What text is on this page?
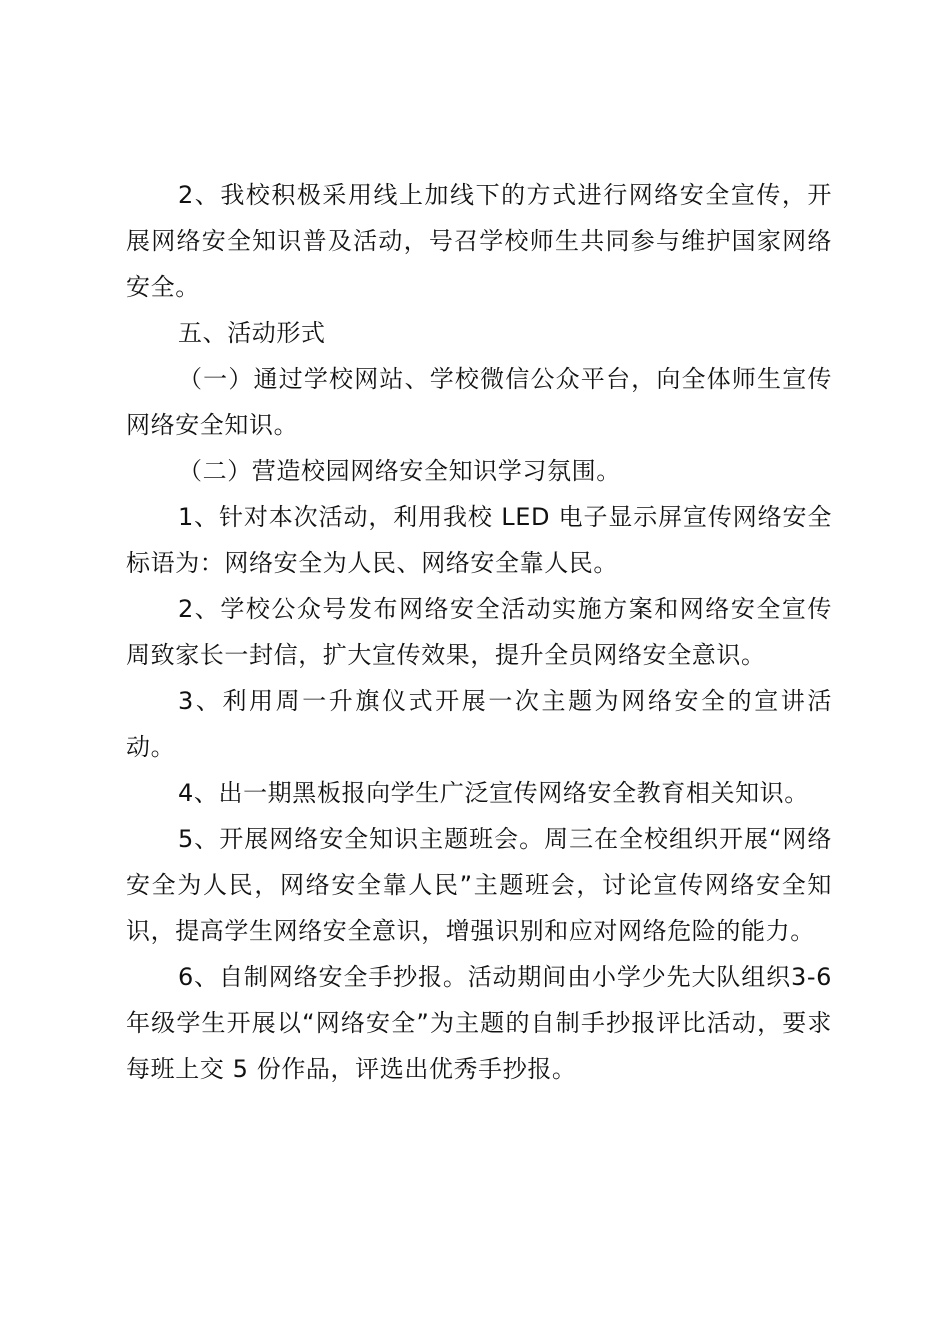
2、我校积极采用线上加线下的方式进行网络安全宣传，开展网络安全知识普及活动，号召学校师生共同参与维护国家网络安全。

五、活动形式

（一）通过学校网站、学校微信公众平台，向全体师生宣传网络安全知识。

（二）营造校园网络安全知识学习氛围。

1、针对本次活动，利用我校 LED 电子显示屏宣传网络安全标语为：网络安全为人民、网络安全靠人民。

2、学校公众号发布网络安全活动实施方案和网络安全宣传周致家长一封信，扩大宣传效果，提升全员网络安全意识。

3、利用周一升旗仪式开展一次主题为网络安全的宣讲活动。

4、出一期黑板报向学生广泛宣传网络安全教育相关知识。

5、开展网络安全知识主题班会。周三在全校组织开展“网络安全为人民，网络安全靠人民”主题班会，讨论宣传网络安全知识，提高学生网络安全意识，增强识别和应对网络危险的能力。

6、自制网络安全手抄报。活动期间由小学少先大队组织3-6 年级学生开展以“网络安全”为主题的自制手抄报评比活动，要求每班上交 5 份作品，评选出优秀手抄报。
